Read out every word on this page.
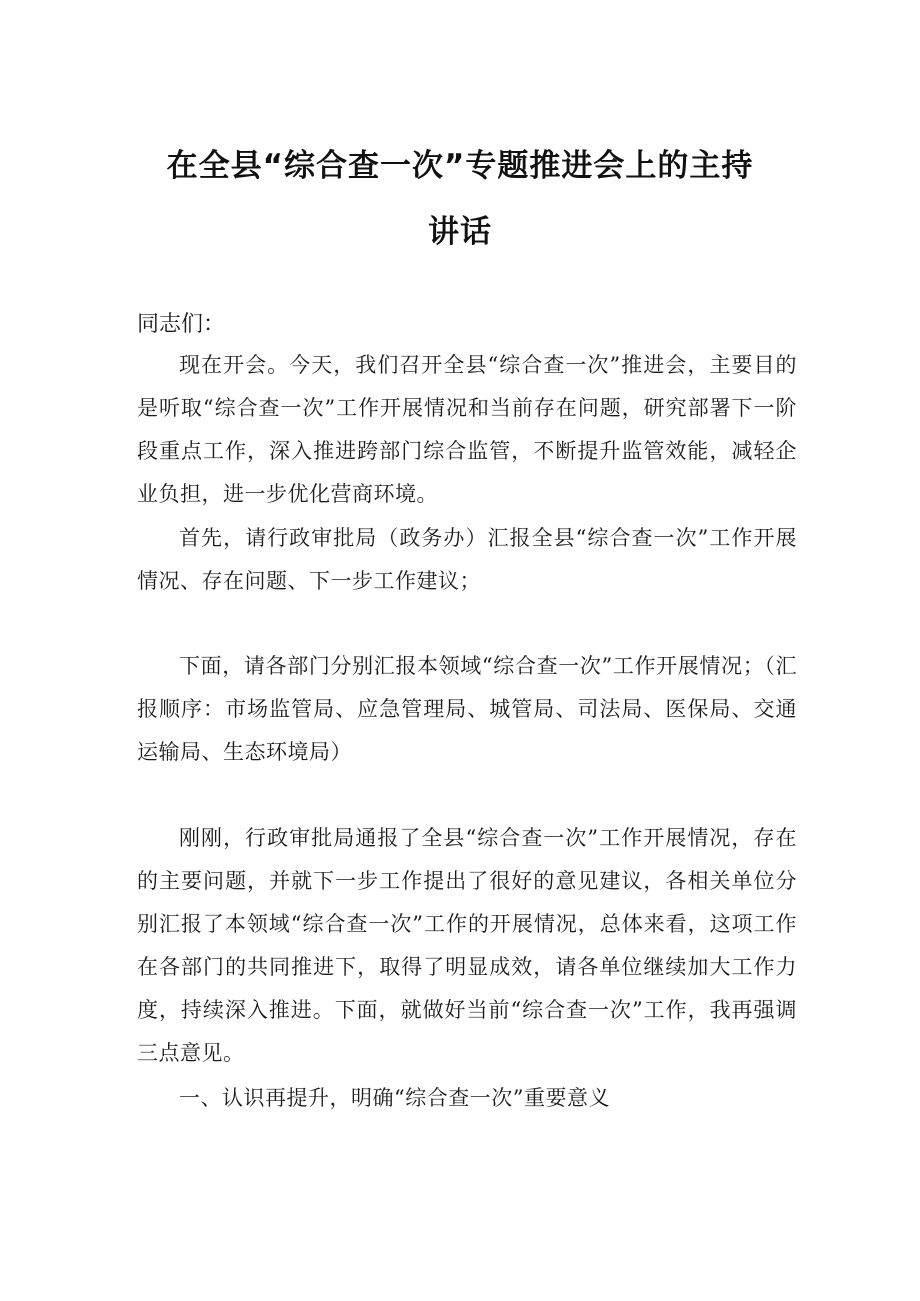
在全县“综合查一次”专题推进会上的主持
讲话

同志们：

现在开会。今天，我们召开全县“综合查一次”推进会，主要目的是听取“综合查一次”工作开展情况和当前存在问题，研究部署下一阶段重点工作，深入推进跨部门综合监管，不断提升监管效能，减轻企业负担，进一步优化营商环境。

首先，请行政审批局（政务办）汇报全县“综合查一次”工作开展情况、存在问题、下一步工作建议；

下面，请各部门分别汇报本领域“综合查一次”工作开展情况；（汇报顺序：市场监管局、应急管理局、城管局、司法局、医保局、交通运输局、生态环境局）

刚刚，行政审批局通报了全县“综合查一次”工作开展情况，存在的主要问题，并就下一步工作提出了很好的意见建议，各相关单位分别汇报了本领域“综合查一次”工作的开展情况，总体来看，这项工作在各部门的共同推进下，取得了明显成效，请各单位继续加大工作力度，持续深入推进。下面，就做好当前“综合查一次”工作，我再强调三点意见。

一、认识再提升，明确“综合查一次”重要意义
